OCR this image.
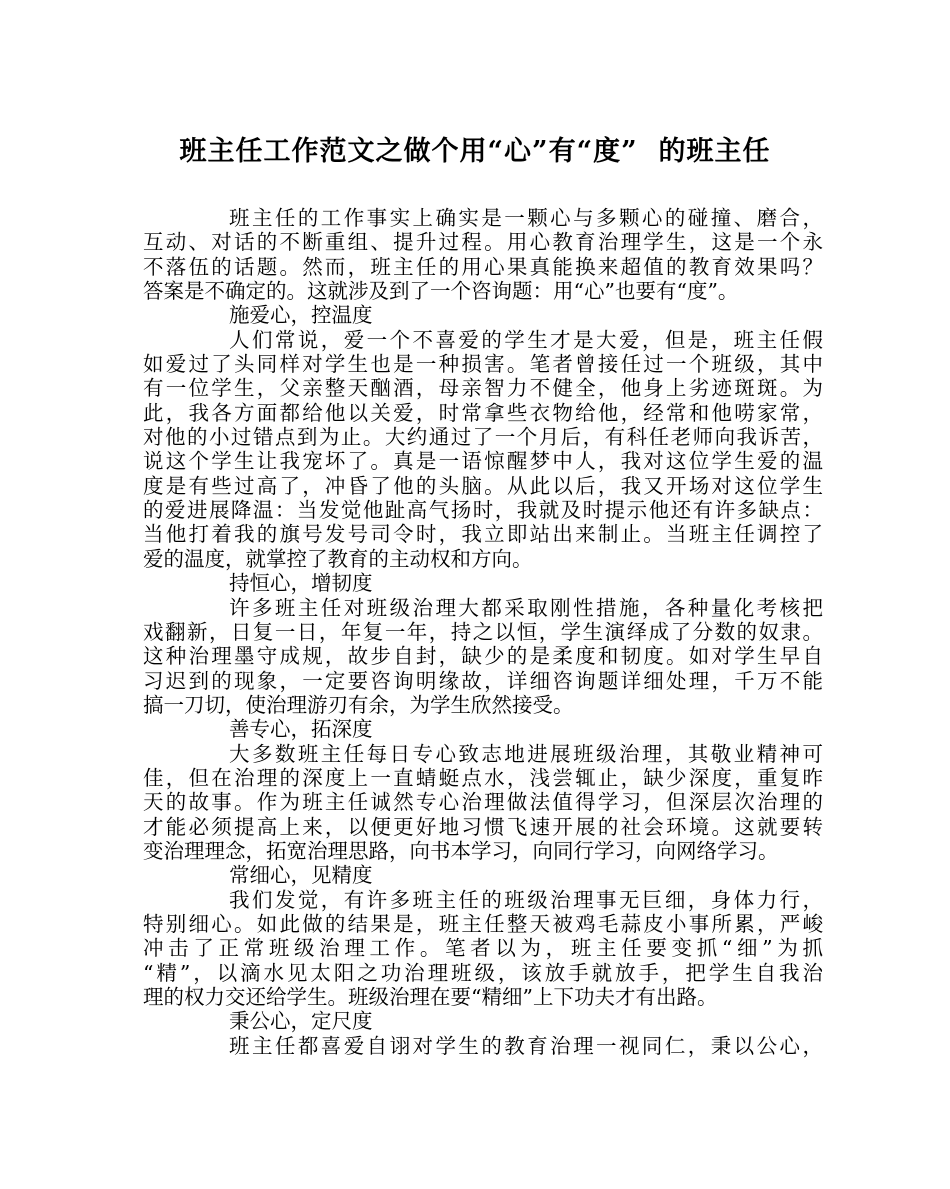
班主任工作范文之做个用“心”有“度”  的班主任
班主任的工作事实上确实是一颗心与多颗心的碰撞、磨合，
互动、对话的不断重组、提升过程。用心教育治理学生，这是一个永
不落伍的话题。然而，班主任的用心果真能换来超值的教育效果吗？
答案是不确定的。这就涉及到了一个咨询题：用“心”也要有“度”。
施爱心，控温度
人们常说，爱一个不喜爱的学生才是大爱，但是，班主任假
如爱过了头同样对学生也是一种损害。笔者曾接任过一个班级，其中
有一位学生，父亲整天酗酒，母亲智力不健全，他身上劣迹斑斑。为
此，我各方面都给他以关爱，时常拿些衣物给他，经常和他唠家常，
对他的小过错点到为止。大约通过了一个月后，有科任老师向我诉苦，
说这个学生让我宠坏了。真是一语惊醒梦中人，我对这位学生爱的温
度是有些过高了，冲昏了他的头脑。从此以后，我又开场对这位学生
的爱进展降温：当发觉他趾高气扬时，我就及时提示他还有许多缺点：
当他打着我的旗号发号司令时，我立即站出来制止。当班主任调控了
爱的温度，就掌控了教育的主动权和方向。
持恒心，增韧度
许多班主任对班级治理大都采取刚性措施，各种量化考核把
戏翻新，日复一日，年复一年，持之以恒，学生演绎成了分数的奴隶。
这种治理墨守成规，故步自封，缺少的是柔度和韧度。如对学生早自
习迟到的现象，一定要咨询明缘故，详细咨询题详细处理，千万不能
搞一刀切，使治理游刃有余，为学生欣然接受。
善专心，拓深度
大多数班主任每日专心致志地进展班级治理，其敬业精神可
佳，但在治理的深度上一直蜻蜓点水，浅尝辄止，缺少深度，重复昨
天的故事。作为班主任诚然专心治理做法值得学习，但深层次治理的
才能必须提高上来，以便更好地习惯飞速开展的社会环境。这就要转
变治理理念，拓宽治理思路，向书本学习，向同行学习，向网络学习。
常细心，见精度
我们发觉，有许多班主任的班级治理事无巨细，身体力行，
特别细心。如此做的结果是，班主任整天被鸡毛蒜皮小事所累，严峻
冲击了正常班级治理工作。笔者以为，班主任要变抓“细”为抓
“精”，以滴水见太阳之功治理班级，该放手就放手，把学生自我治
理的权力交还给学生。班级治理在要“精细”上下功夫才有出路。
秉公心，定尺度
班主任都喜爱自诩对学生的教育治理一视同仁，秉以公心，
